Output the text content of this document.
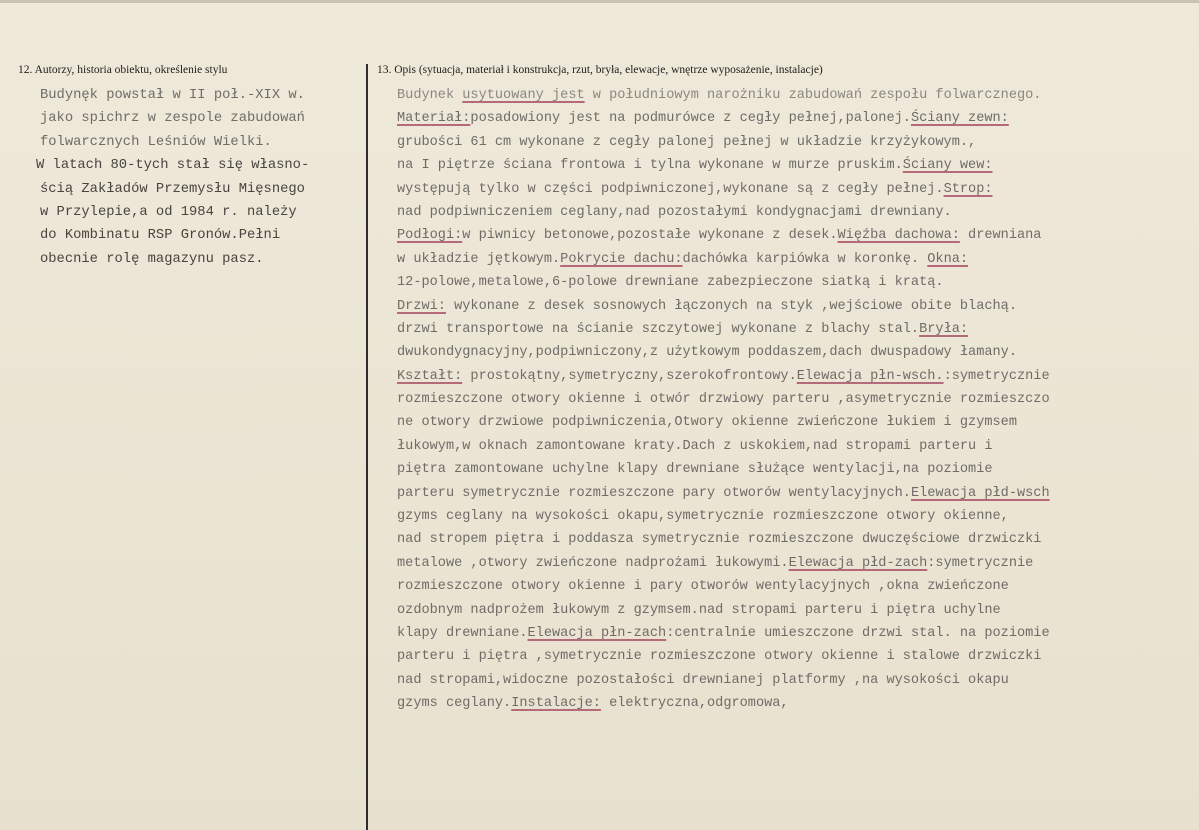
12. Autorzy, historia obiektu, określenie stylu
Budynęk powstał w II poł.-XIX w.
jako spichrz w zespole zabudowań
folwarcznych Leśniów Wielki.
W latach 80-tych stał się własno-
ścią Zakładów Przemysłu Mięsnego
w Przylepie,a od 1984 r. należy
do Kombinatu RSP Gronów.Pełni
obecnie rolę magazynu pasz.
13. Opis (sytuacja, materiał i konstrukcja, rzut, bryła, elewacje, wnętrze wyposażenie, instalacje)
Budynek usytuowany jest w południowym narożniku zabudowań zespołu folwarcznego.
Materiał:posadowiony jest na podmurówce z cegły pełnej,palonej.Ściany zewn:
grubości 61 cm wykonane z cegły palonej pełnej w układzie krzyżykowym.,
na I piętrze ściana frontowa i tylna wykonane w murze pruskim.Ściany wew:
występują tylko w części podpiwniczonej,wykonane są z cegły pełnej.Strop:
nad podpiwniczeniem ceglany,nad pozostałymi kondygnacjami drewniany.
Podłogi:w piwnicy betonowe,pozostałe wykonane z desek.Więźba dachowa: drewniana
w układzie jętkowym.Pokrycie dachu:dachówka karpiówka w koronkę. Okna:
12-polowe,metalowe,6-polowe drewniane zabezpieczone siatką i kratą.
Drzwi: wykonane z desek sosnowych łączonych na styk ,wejściowe obite blachą.
drzwi transportowe na ścianie szczytowej wykonane z blachy stal.Bryła:
dwukondygnacyjny,podpiwniczony,z użytkowym poddaszem,dach dwuspadowy łamany.
Kształt: prostokątny,symetryczny,szerokofrontowy.Elewacja płn-wsch.:symetrycznie
rozmieszczone otwory okienne i otwór drzwiowy parteru ,asymetrycznie rozmieszczo
ne otwory drzwiowe podpiwniczenia,Otwory okienne zwieńczone łukiem i gzymsem
łukowym,w oknach zamontowane kraty.Dach z uskokiem,nad stropami parteru i
piętra zamontowane uchylne klapy drewniane służące wentylacji,na poziomie
parteru symetrycznie rozmieszczone pary otworów wentylacyjnych.Elewacja płd-wsch
gzyms ceglany na wysokości okapu,symetrycznie rozmieszczone otwory okienne,
nad stropem piętra i poddasza symetrycznie rozmieszczone dwuczęściowe drzwiczki
metalowe ,otwory zwieńczone nadprożami łukowymi.Elewacja płd-zach:symetrycznie
rozmieszczone otwory okienne i pary otworów wentylacyjnych ,okna zwieńczone
ozdobnym nadprożem łukowym z gzymsem.nad stropami parteru i piętra uchylne
klapy drewniane.Elewacja płn-zach:centralnie umieszczone drzwi stal. na poziomie
parteru i piętra ,symetrycznie rozmieszczone otwory okienne i stalowe drzwiczki
nad stropami,widoczne pozostałości drewnianej platformy ,na wysokości okapu
gzyms ceglany.Instalacje: elektryczna,odgromowa,
